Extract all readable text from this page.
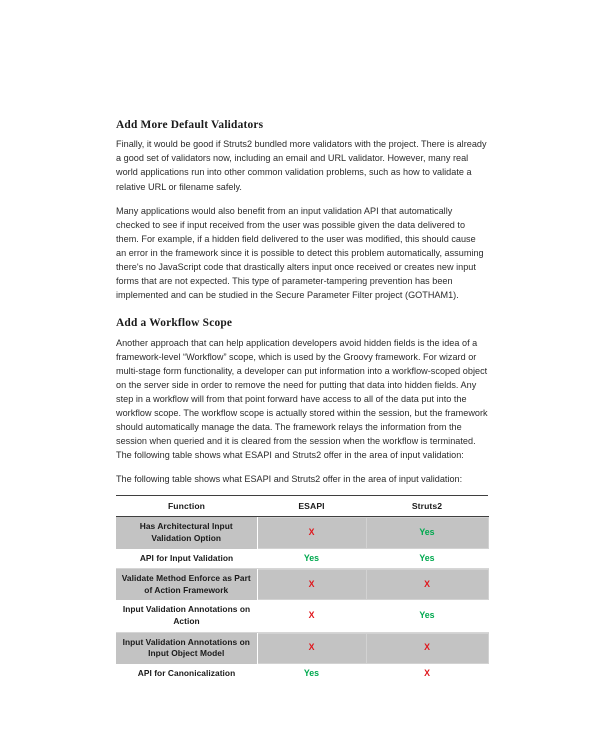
Add More Default Validators

Finally, it would be good if Struts2 bundled more validators with the project. There is already a good set of validators now, including an email and URL validator. However, many real world applications run into other common validation problems, such as how to validate a relative URL or filename safely.

Many applications would also benefit from an input validation API that automatically checked to see if input received from the user was possible given the data delivered to them. For example, if a hidden field delivered to the user was modified, this should cause an error in the framework since it is possible to detect this problem automatically, assuming there's no JavaScript code that drastically alters input once received or creates new input forms that are not expected. This type of parameter-tampering prevention has been implemented and can be studied in the Secure Parameter Filter project (GOTHAM1).

Add a Workflow Scope

Another approach that can help application developers avoid hidden fields is the idea of a framework-level “Workflow” scope, which is used by the Groovy framework. For wizard or multi-stage form functionality, a developer can put information into a workflow-scoped object on the server side in order to remove the need for putting that data into hidden fields. Any step in a workflow will from that point forward have access to all of the data put into the workflow scope. The workflow scope is actually stored within the session, but the framework should automatically manage the data. The framework relays the information from the session when queried and it is cleared from the session when the workflow is terminated. The following table shows what ESAPI and Struts2 offer in the area of input validation:

The following table shows what ESAPI and Struts2 offer in the area of input validation:

Function	ESAPI	Struts2

Has Architectural Input Validation Option	X	Yes

API for Input Validation	Yes	Yes

Validate Method Enforce as Part of Action Framework	X	X

Input Validation Annotations on Action	X	Yes

Input Validation Annotations on Input Object Model	X	X

API for Canonicalization	Yes	X
